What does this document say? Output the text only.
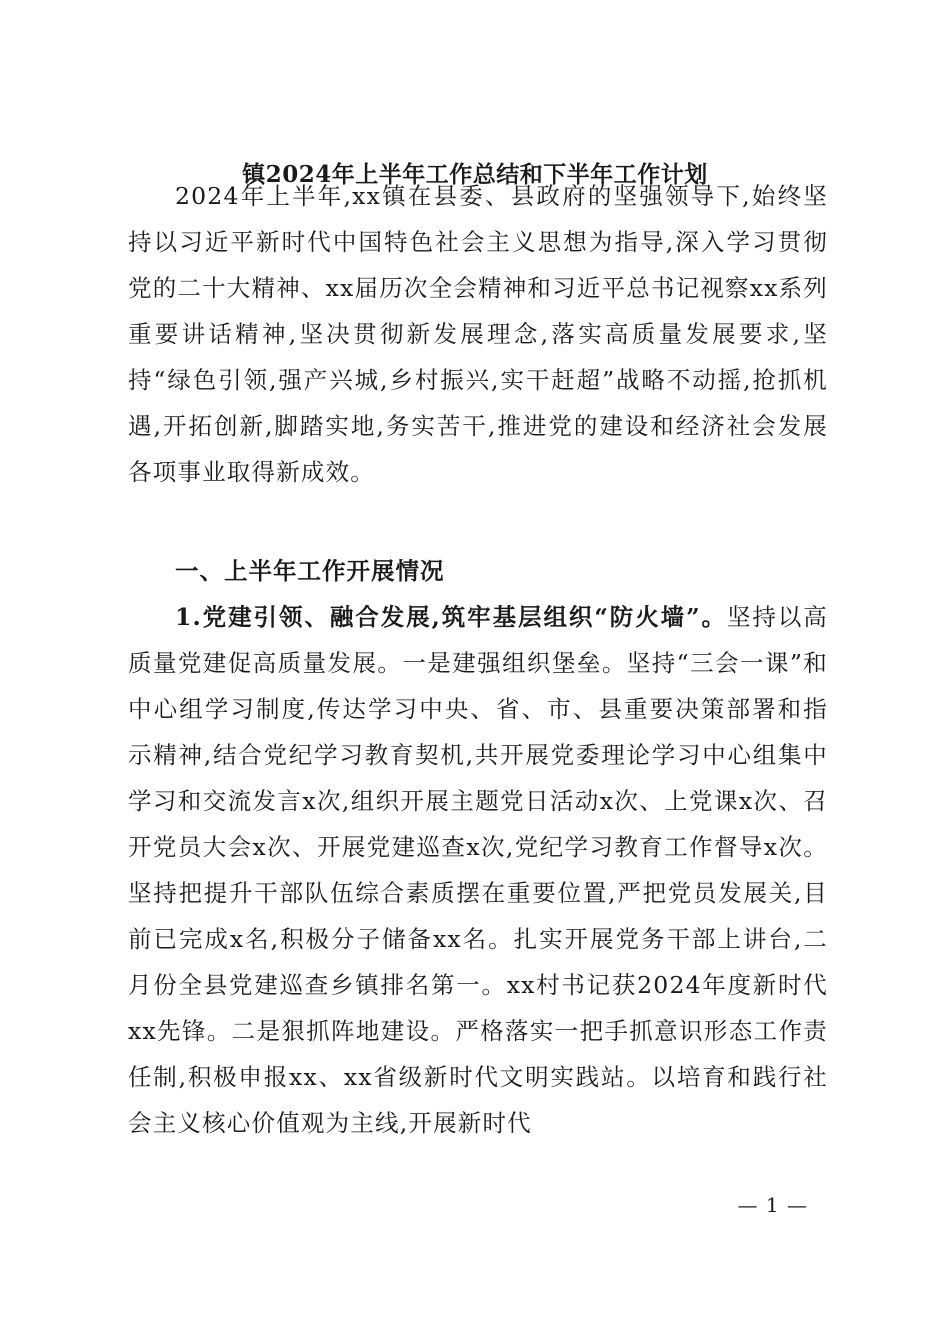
镇2024年上半年工作总结和下半年工作计划

2024年上半年,xx镇在县委、县政府的坚强领导下,始终坚持以习近平新时代中国特色社会主义思想为指导,深入学习贯彻党的二十大精神、xx届历次全会精神和习近平总书记视察xx系列重要讲话精神,坚决贯彻新发展理念,落实高质量发展要求,坚持“绿色引领,强产兴城,乡村振兴,实干赶超”战略不动摇,抢抓机遇,开拓创新,脚踏实地,务实苦干,推进党的建设和经济社会发展各项事业取得新成效。

一、上半年工作开展情况

1.党建引领、融合发展,筑牢基层组织“防火墙”。坚持以高质量党建促高质量发展。一是建强组织堡垒。坚持“三会一课”和中心组学习制度,传达学习中央、省、市、县重要决策部署和指示精神,结合党纪学习教育契机,共开展党委理论学习中心组集中学习和交流发言x次,组织开展主题党日活动x次、上党课x次、召开党员大会x次、开展党建巡查x次,党纪学习教育工作督导x次。坚持把提升干部队伍综合素质摆在重要位置,严把党员发展关,目前已完成x名,积极分子储备xx名。扎实开展党务干部上讲台,二月份全县党建巡查乡镇排名第一。xx村书记获2024年度新时代xx先锋。二是狠抓阵地建设。严格落实一把手抓意识形态工作责任制,积极申报xx、xx省级新时代文明实践站。以培育和践行社会主义核心价值观为主线,开展新时代

— 1 —
